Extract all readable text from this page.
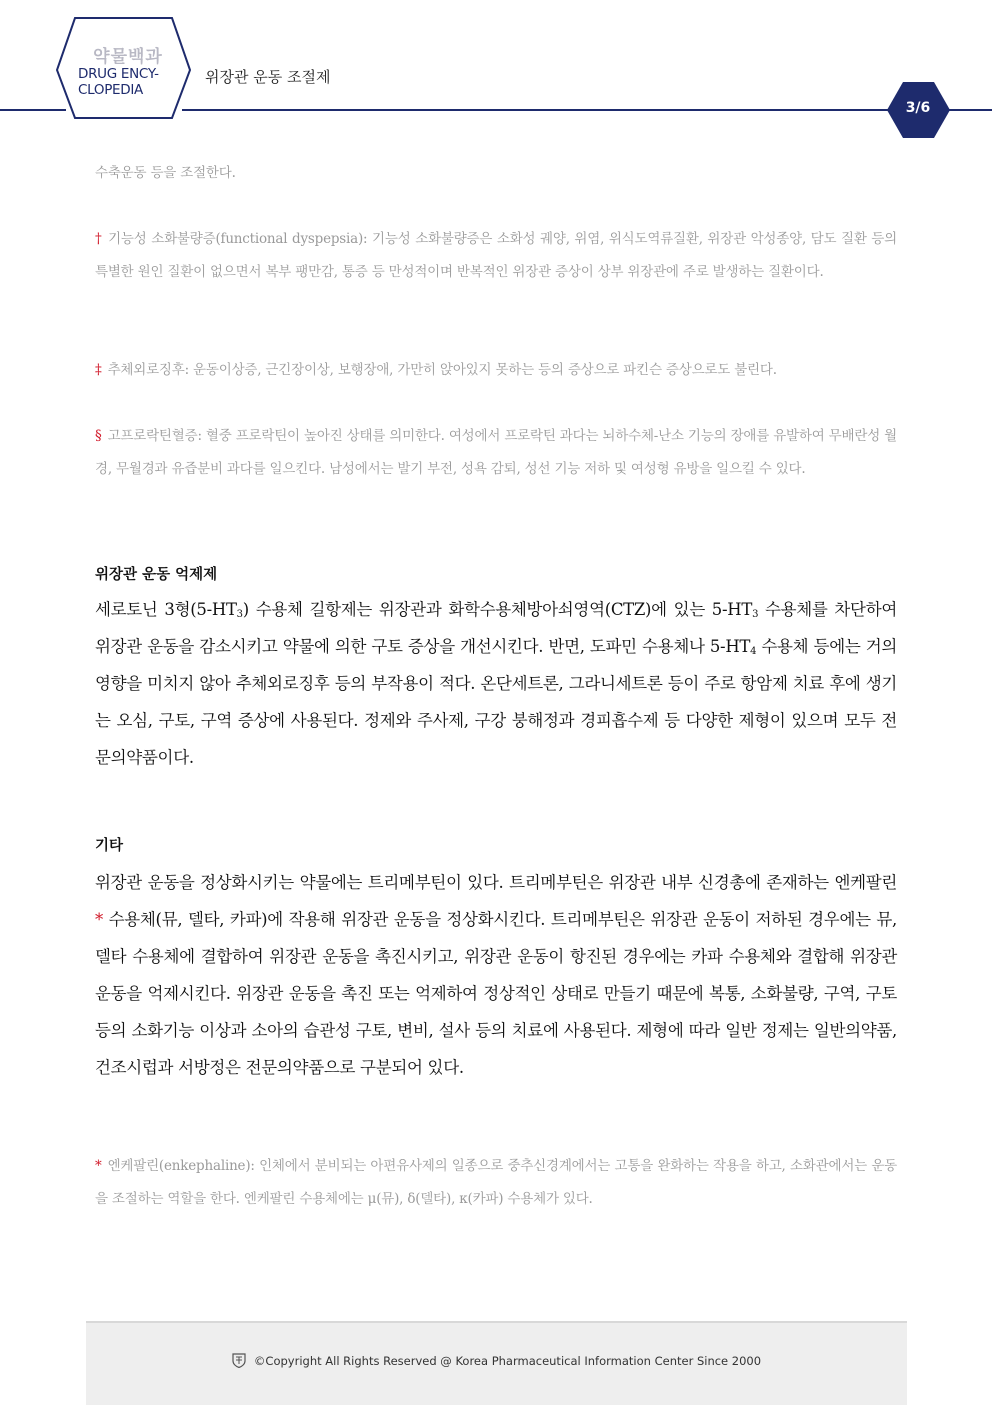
약물백과
DRUG ENCY-
CLOPEDIA
위장관 운동 조절제
3/6
수축운동 등을 조절한다.
† 기능성 소화불량증(functional dyspepsia): 기능성 소화불량증은 소화성 궤양, 위염, 위식도역류질환, 위장관 악성종양, 담도 질환 등의 특별한 원인 질환이 없으면서 복부 팽만감, 통증 등 만성적이며 반복적인 위장관 증상이 상부 위장관에 주로 발생하는 질환이다.
‡ 추체외로징후: 운동이상증, 근긴장이상, 보행장애, 가만히 앉아있지 못하는 등의 증상으로 파킨슨 증상으로도 불린다.
§ 고프로락틴혈증: 혈중 프로락틴이 높아진 상태를 의미한다. 여성에서 프로락틴 과다는 뇌하수체-난소 기능의 장애를 유발하여 무배란성 월경, 무월경과 유즙분비 과다를 일으킨다. 남성에서는 발기 부전, 성욕 감퇴, 성선 기능 저하 및 여성형 유방을 일으킬 수 있다.
위장관 운동 억제제
세로토닌 3형$(5-HT_3)$ 수용체 길항제는 위장관과 화학수용체방아쇠영역(CTZ)에 있는 $5-HT_3$ 수용체를 차단하여 위장관 운동을 감소시키고 약물에 의한 구토 증상을 개선시킨다. 반면, 도파민 수용체나 $5-HT_4$ 수용체 등에는 거의 영향을 미치지 않아 추체외로징후 등의 부작용이 적다. 온단세트론, 그라니세트론 등이 주로 항암제 치료 후에 생기는 오심, 구토, 구역 증상에 사용된다. 정제와 주사제, 구강 붕해정과 경피흡수제 등 다양한 제형이 있으며 모두 전문의약품이다.
기타
위장관 운동을 정상화시키는 약물에는 트리메부틴이 있다. 트리메부틴은 위장관 내부 신경총에 존재하는 엔케팔린* 수용체(뮤, 델타, 카파)에 작용해 위장관 운동을 정상화시킨다. 트리메부틴은 위장관 운동이 저하된 경우에는 뮤, 델타 수용체에 결합하여 위장관 운동을 촉진시키고, 위장관 운동이 항진된 경우에는 카파 수용체와 결합해 위장관 운동을 억제시킨다. 위장관 운동을 촉진 또는 억제하여 정상적인 상태로 만들기 때문에 복통, 소화불량, 구역, 구토 등의 소화기능 이상과 소아의 습관성 구토, 변비, 설사 등의 치료에 사용된다. 제형에 따라 일반 정제는 일반의약품, 건조시럽과 서방정은 전문의약품으로 구분되어 있다.
* 엔케팔린(enkephaline): 인체에서 분비되는 아편유사제의 일종으로 중추신경계에서는 고통을 완화하는 작용을 하고, 소화관에서는 운동을 조절하는 역할을 한다. 엔케팔린 수용체에는 μ(뮤), δ(델타), κ(카파) 수용체가 있다.
©Copyright All Rights Reserved @ Korea Pharmaceutical Information Center Since 2000
